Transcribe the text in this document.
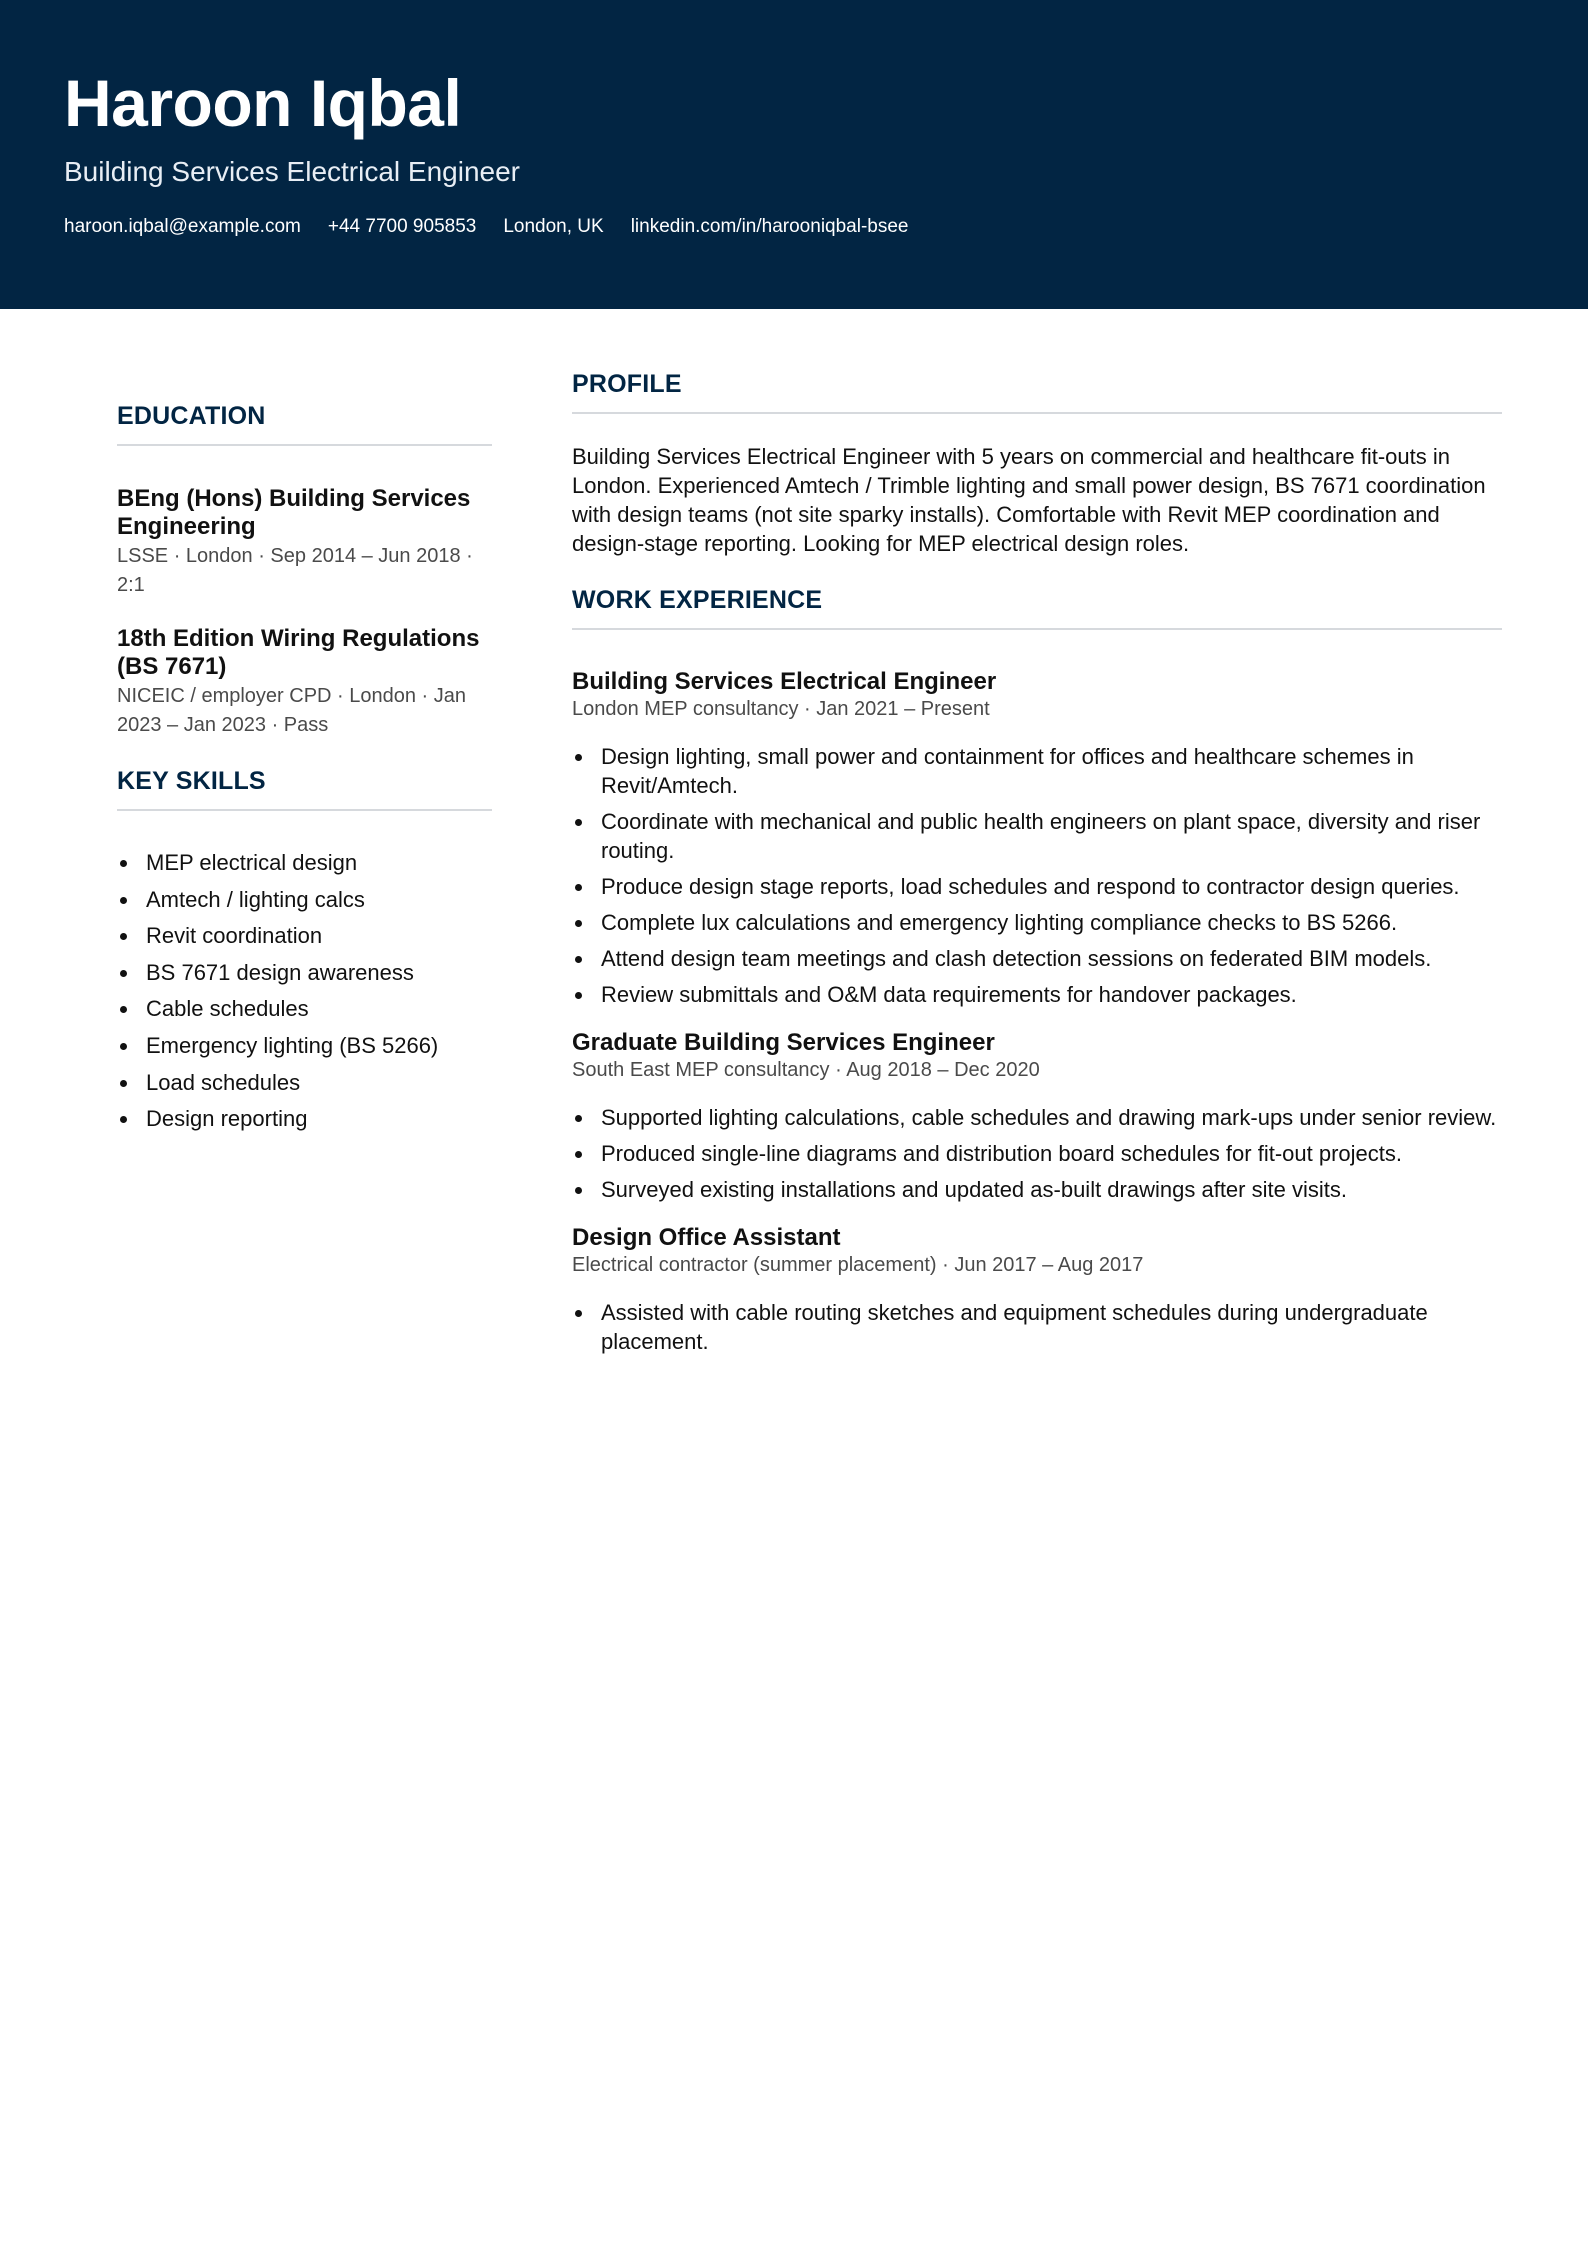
Haroon Iqbal
Building Services Electrical Engineer
haroon.iqbal@example.com +44 7700 905853 London, UK linkedin.com/in/harooniqbal-bsee
EDUCATION
BEng (Hons) Building Services Engineering
LSSE · London · Sep 2014 – Jun 2018 · 2:1
18th Edition Wiring Regulations (BS 7671)
NICEIC / employer CPD · London · Jan 2023 – Jan 2023 · Pass
KEY SKILLS
MEP electrical design
Amtech / lighting calcs
Revit coordination
BS 7671 design awareness
Cable schedules
Emergency lighting (BS 5266)
Load schedules
Design reporting
PROFILE
Building Services Electrical Engineer with 5 years on commercial and healthcare fit-outs in London. Experienced Amtech / Trimble lighting and small power design, BS 7671 coordination with design teams (not site sparky installs). Comfortable with Revit MEP coordination and design-stage reporting. Looking for MEP electrical design roles.
WORK EXPERIENCE
Building Services Electrical Engineer
London MEP consultancy · Jan 2021 – Present
Design lighting, small power and containment for offices and healthcare schemes in Revit/Amtech.
Coordinate with mechanical and public health engineers on plant space, diversity and riser routing.
Produce design stage reports, load schedules and respond to contractor design queries.
Complete lux calculations and emergency lighting compliance checks to BS 5266.
Attend design team meetings and clash detection sessions on federated BIM models.
Review submittals and O&M data requirements for handover packages.
Graduate Building Services Engineer
South East MEP consultancy · Aug 2018 – Dec 2020
Supported lighting calculations, cable schedules and drawing mark-ups under senior review.
Produced single-line diagrams and distribution board schedules for fit-out projects.
Surveyed existing installations and updated as-built drawings after site visits.
Design Office Assistant
Electrical contractor (summer placement) · Jun 2017 – Aug 2017
Assisted with cable routing sketches and equipment schedules during undergraduate placement.
